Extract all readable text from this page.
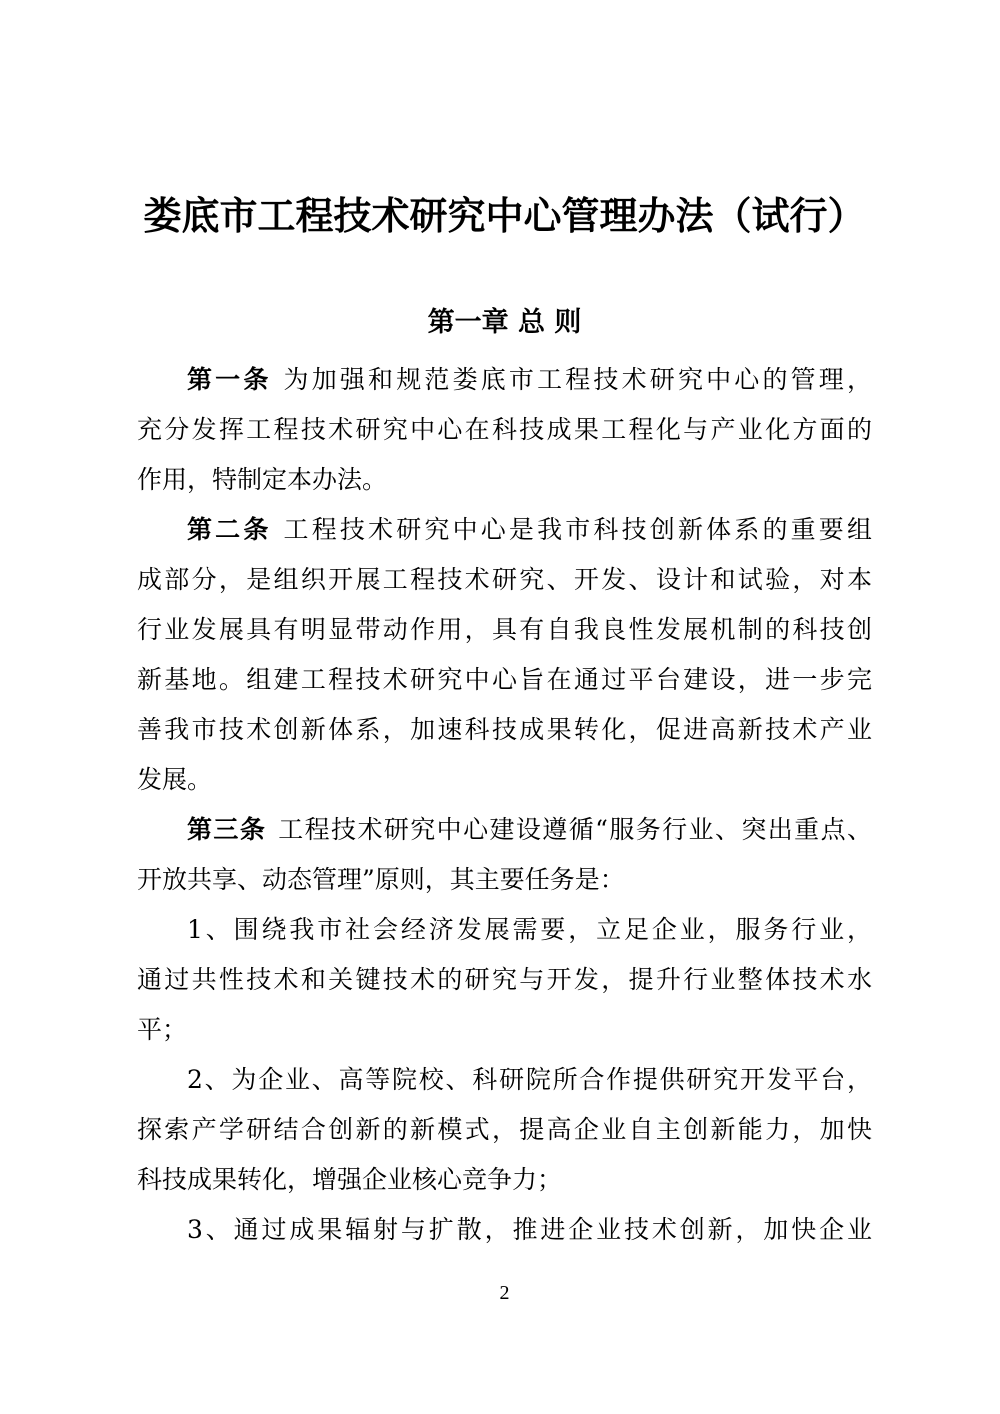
娄底市工程技术研究中心管理办法（试行）
第一章 总 则

第一条 为加强和规范娄底市工程技术研究中心的管理，

充分发挥工程技术研究中心在科技成果工程化与产业化方面的

作用，特制定本办法。

第二条 工程技术研究中心是我市科技创新体系的重要组

成部分，是组织开展工程技术研究、开发、设计和试验，对本

行业发展具有明显带动作用，具有自我良性发展机制的科技创

新基地。组建工程技术研究中心旨在通过平台建设，进一步完

善我市技术创新体系，加速科技成果转化，促进高新技术产业

发展。

第三条 工程技术研究中心建设遵循“服务行业、突出重点、

开放共享、动态管理”原则，其主要任务是：

1、围绕我市社会经济发展需要，立足企业，服务行业，

通过共性技术和关键技术的研究与开发，提升行业整体技术水

平；

2、为企业、高等院校、科研院所合作提供研究开发平台，

探索产学研结合创新的新模式，提高企业自主创新能力，加快

科技成果转化，增强企业核心竞争力；

3、通过成果辐射与扩散，推进企业技术创新，加快企业

2
